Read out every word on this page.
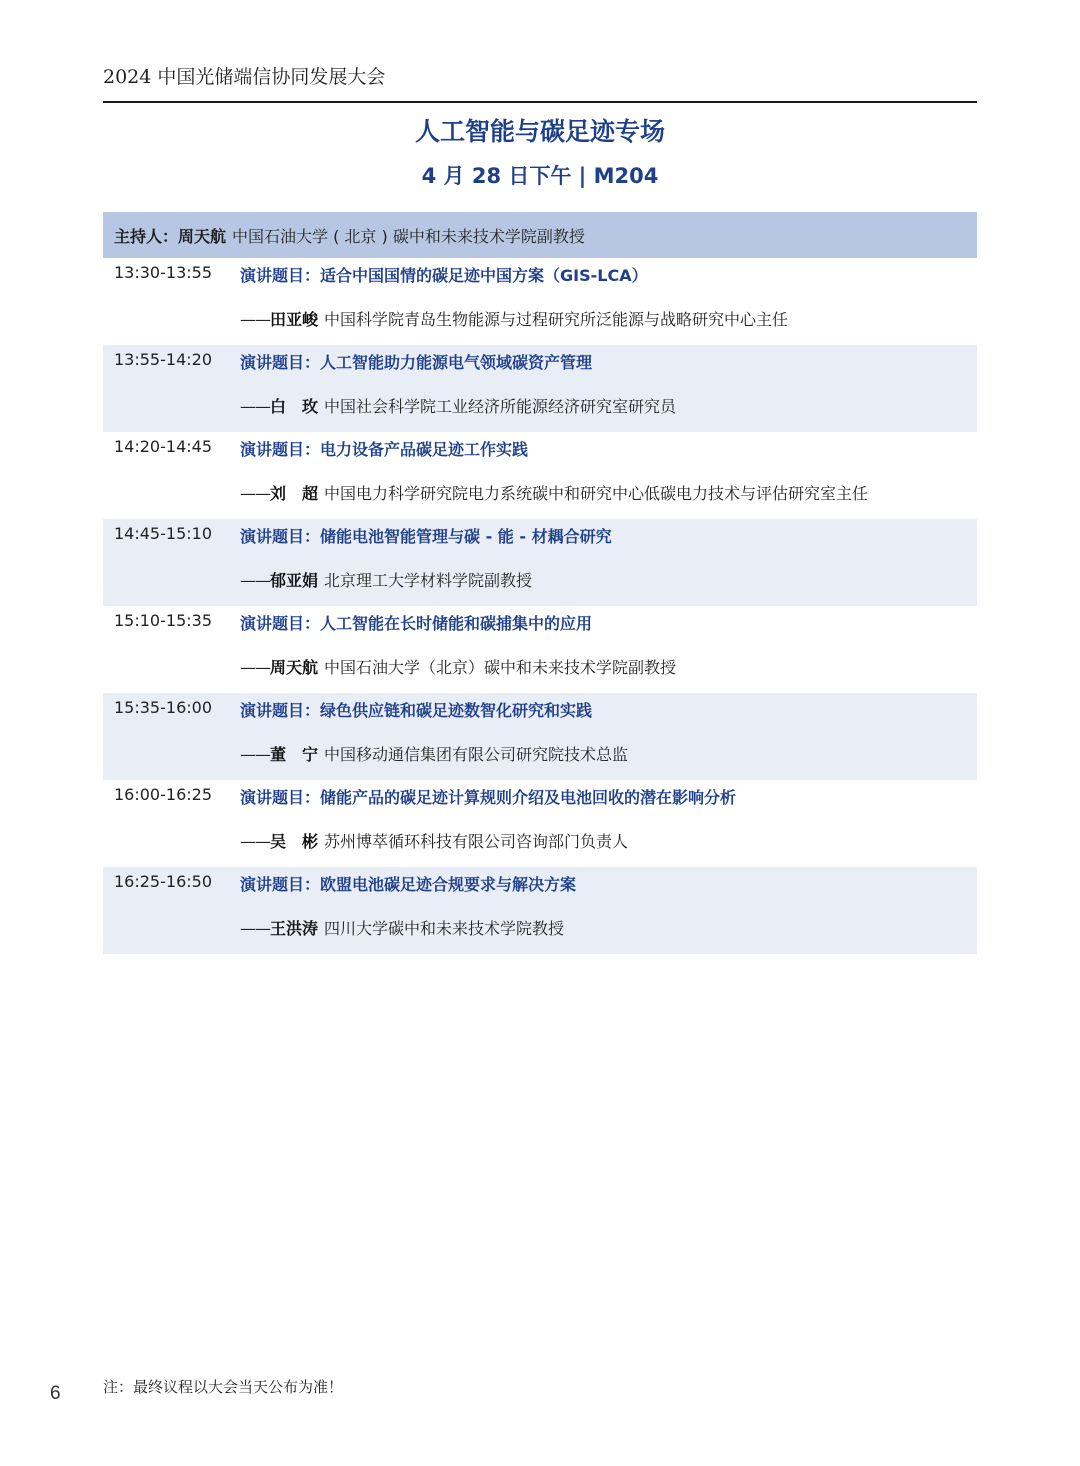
2024 中国光储端信协同发展大会
人工智能与碳足迹专场
4 月 28 日下午 | M204
主持人：周天航 中国石油大学 ( 北京 ) 碳中和未来技术学院副教授
13:30-13:55 演讲题目：适合中国国情的碳足迹中国方案（GIS-LCA）
——田亚峻 中国科学院青岛生物能源与过程研究所泛能源与战略研究中心主任
13:55-14:20 演讲题目：人工智能助力能源电气领域碳资产管理
——白　玫 中国社会科学院工业经济所能源经济研究室研究员
14:20-14:45 演讲题目：电力设备产品碳足迹工作实践
——刘　超 中国电力科学研究院电力系统碳中和研究中心低碳电力技术与评估研究室主任
14:45-15:10 演讲题目：储能电池智能管理与碳 - 能 - 材耦合研究
——郁亚娟 北京理工大学材料学院副教授
15:10-15:35 演讲题目：人工智能在长时储能和碳捕集中的应用
——周天航 中国石油大学（北京）碳中和未来技术学院副教授
15:35-16:00 演讲题目：绿色供应链和碳足迹数智化研究和实践
——董　宁 中国移动通信集团有限公司研究院技术总监
16:00-16:25 演讲题目：储能产品的碳足迹计算规则介绍及电池回收的潜在影响分析
——吴　彬 苏州博萃循环科技有限公司咨询部门负责人
16:25-16:50 演讲题目：欧盟电池碳足迹合规要求与解决方案
——王洪涛 四川大学碳中和未来技术学院教授
6	注：最终议程以大会当天公布为准！
